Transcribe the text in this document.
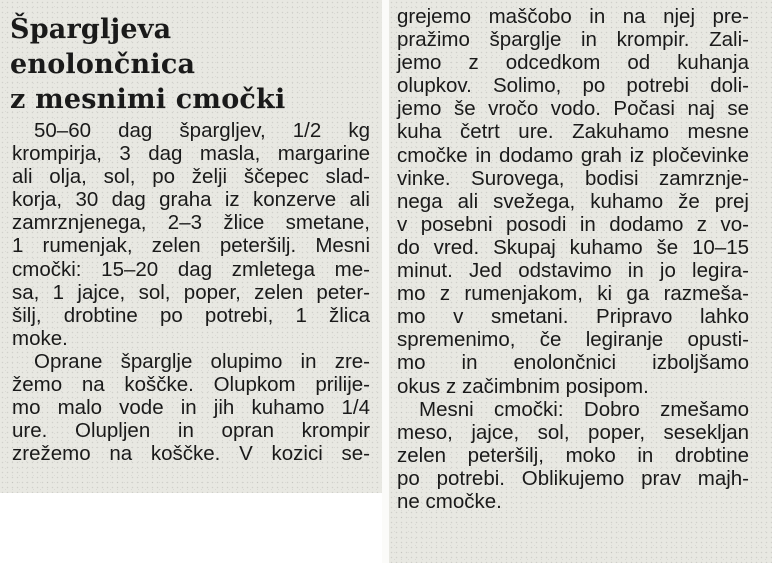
Špargljeva
enolončnica
z mesnimi cmočki
50–60 dag špargljev, 1/2 kg
krompirja, 3 dag masla, margarine
ali olja, sol, po želji ščepec slad-
korja, 30 dag graha iz konzerve ali
zamrznjenega, 2–3 žlice smetane,
1 rumenjak, zelen peteršilj. Mesni
cmočki: 15–20 dag zmletega me-
sa, 1 jajce, sol, poper, zelen peter-
šilj, drobtine po potrebi, 1 žlica
moke.
Oprane šparglje olupimo in zre-
žemo na koščke. Olupkom prilije-
mo malo vode in jih kuhamo 1/4
ure. Olupljen in opran krompir
zrežemo na koščke. V kozici se-
grejemo maščobo in na njej pre-
pražimo šparglje in krompir. Zali-
jemo z odcedkom od kuhanja
olupkov. Solimo, po potrebi doli-
jemo še vročo vodo. Počasi naj se
kuha četrt ure. Zakuhamo mesne
cmočke in dodamo grah iz pločevinke
vinke. Surovega, bodisi zamrznje-
nega ali svežega, kuhamo že prej
v posebni posodi in dodamo z vo-
do vred. Skupaj kuhamo še 10–15
minut. Jed odstavimo in jo legira-
mo z rumenjakom, ki ga razmeša-
mo v smetani. Pripravo lahko
spremenimo, če legiranje opusti-
mo in enolončnici izboljšamo
okus z začimbnim posipom.
Mesni cmočki: Dobro zmešamo
meso, jajce, sol, poper, sesekljan
zelen peteršilj, moko in drobtine
po potrebi. Oblikujemo prav majh-
ne cmočke.
